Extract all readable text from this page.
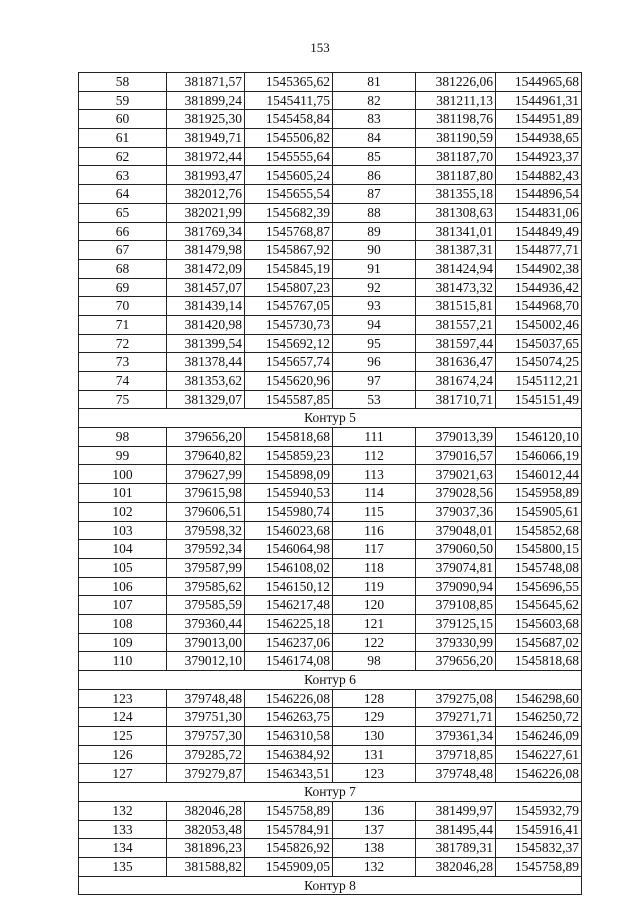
153
58	381871,57	1545365,62	81	381226,06	1544965,68
59	381899,24	1545411,75	82	381211,13	1544961,31
60	381925,30	1545458,84	83	381198,76	1544951,89
61	381949,71	1545506,82	84	381190,59	1544938,65
62	381972,44	1545555,64	85	381187,70	1544923,37
63	381993,47	1545605,24	86	381187,80	1544882,43
64	382012,76	1545655,54	87	381355,18	1544896,54
65	382021,99	1545682,39	88	381308,63	1544831,06
66	381769,34	1545768,87	89	381341,01	1544849,49
67	381479,98	1545867,92	90	381387,31	1544877,71
68	381472,09	1545845,19	91	381424,94	1544902,38
69	381457,07	1545807,23	92	381473,32	1544936,42
70	381439,14	1545767,05	93	381515,81	1544968,70
71	381420,98	1545730,73	94	381557,21	1545002,46
72	381399,54	1545692,12	95	381597,44	1545037,65
73	381378,44	1545657,74	96	381636,47	1545074,25
74	381353,62	1545620,96	97	381674,24	1545112,21
75	381329,07	1545587,85	53	381710,71	1545151,49
Контур 5					
98	379656,20	1545818,68	111	379013,39	1546120,10
99	379640,82	1545859,23	112	379016,57	1546066,19
100	379627,99	1545898,09	113	379021,63	1546012,44
101	379615,98	1545940,53	114	379028,56	1545958,89
102	379606,51	1545980,74	115	379037,36	1545905,61
103	379598,32	1546023,68	116	379048,01	1545852,68
104	379592,34	1546064,98	117	379060,50	1545800,15
105	379587,99	1546108,02	118	379074,81	1545748,08
106	379585,62	1546150,12	119	379090,94	1545696,55
107	379585,59	1546217,48	120	379108,85	1545645,62
108	379360,44	1546225,18	121	379125,15	1545603,68
109	379013,00	1546237,06	122	379330,99	1545687,02
110	379012,10	1546174,08	98	379656,20	1545818,68
Контур 6					
123	379748,48	1546226,08	128	379275,08	1546298,60
124	379751,30	1546263,75	129	379271,71	1546250,72
125	379757,30	1546310,58	130	379361,34	1546246,09
126	379285,72	1546384,92	131	379718,85	1546227,61
127	379279,87	1546343,51	123	379748,48	1546226,08
Контур 7					
132	382046,28	1545758,89	136	381499,97	1545932,79
133	382053,48	1545784,91	137	381495,44	1545916,41
134	381896,23	1545826,92	138	381789,31	1545832,37
135	381588,82	1545909,05	132	382046,28	1545758,89
Контур 8					
